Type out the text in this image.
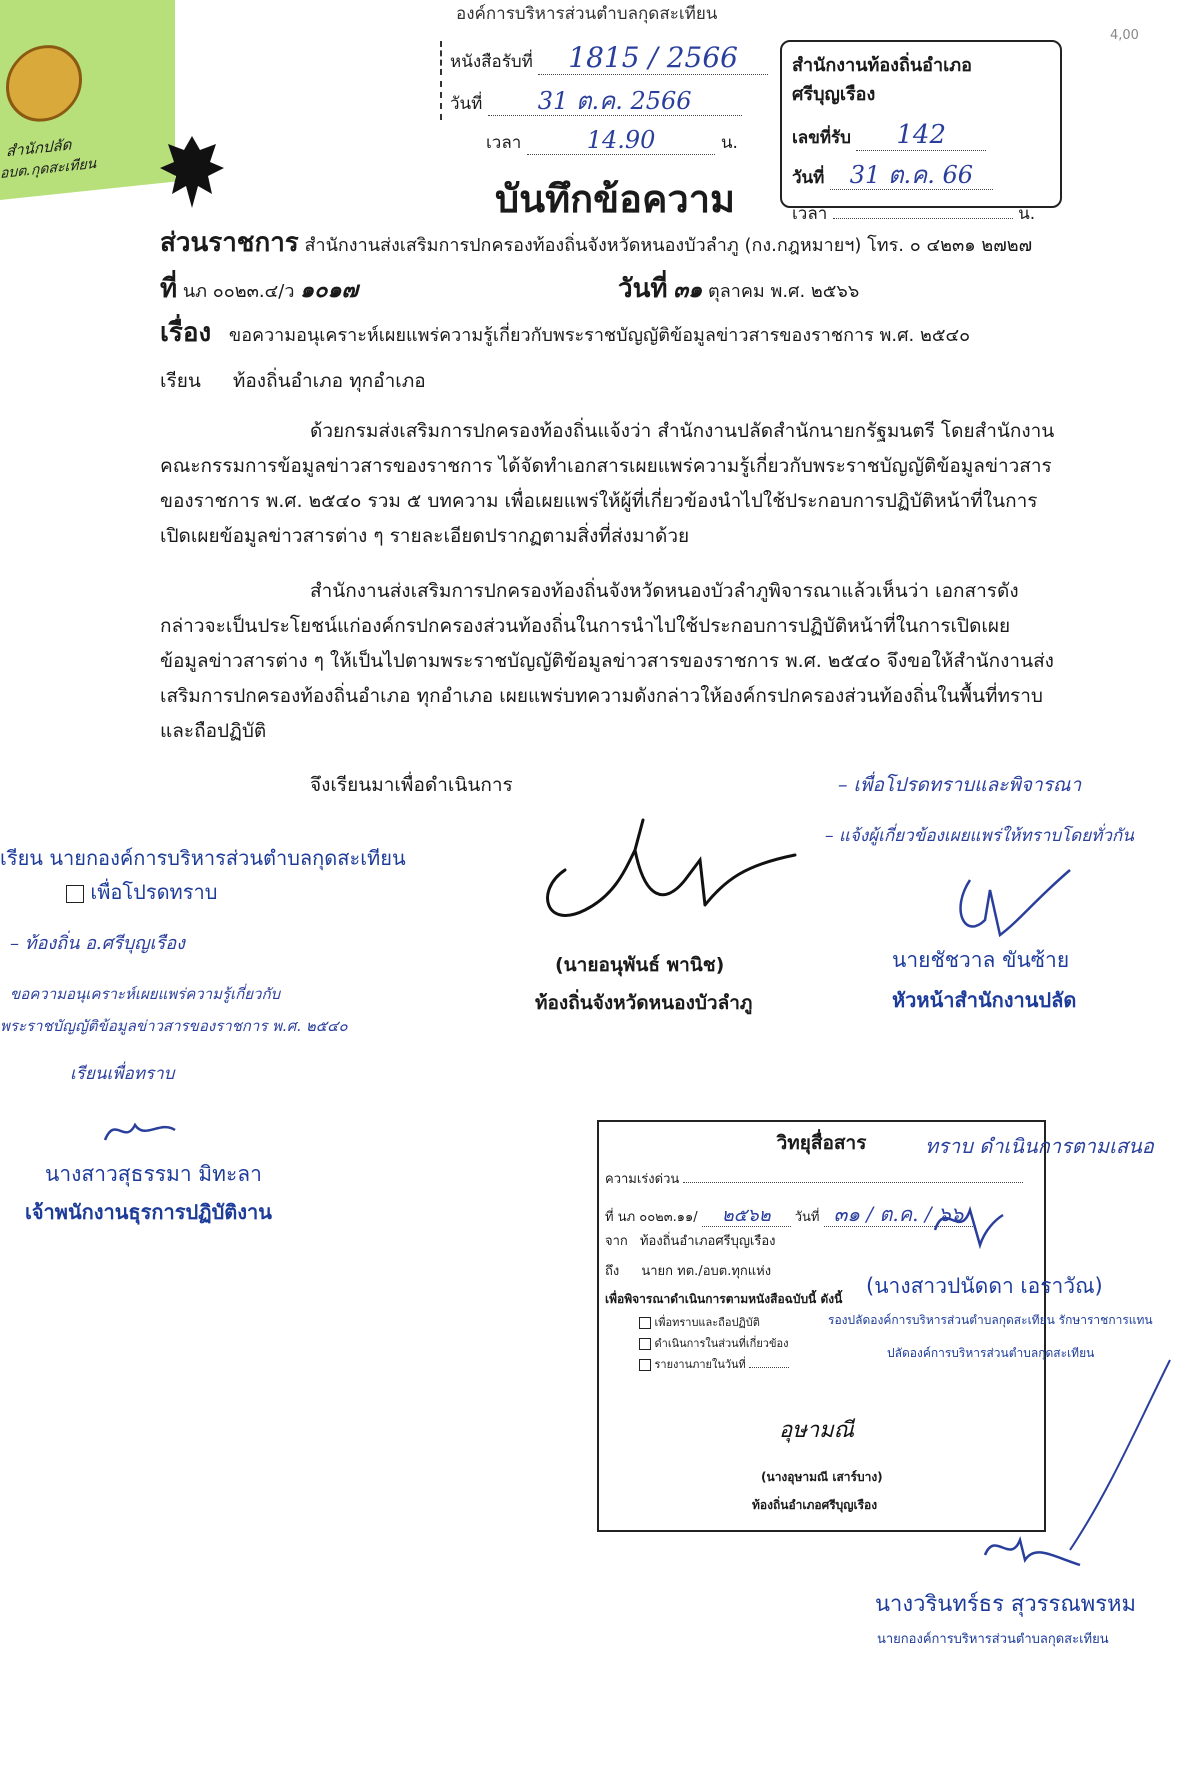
สำนักปลัด
อบต.กุดสะเทียน
องค์การบริหารส่วนตำบลกุดสะเทียน
หนังสือรับที่ 1815 / 2566
วันที่ 31 ต.ค. 2566
เวลา	14.90	น.
สำนักงานท้องถิ่นอำเภอศรีบุญเรือง
เลขที่รับ 142
วันที่ 31 ต.ค. 66
เวลา	น.
4,00
บันทึกข้อความ
ส่วนราชการ สำนักงานส่งเสริมการปกครองท้องถิ่นจังหวัดหนองบัวลำภู (กง.กฎหมายฯ) โทร. ๐ ๔๒๓๑ ๒๗๒๗
ที่ นภ ๐๐๒๓.๔/ว ๑๐๑๗	วันที่ ๓๑ ตุลาคม พ.ศ. ๒๕๖๖
เรื่อง ขอความอนุเคราะห์เผยแพร่ความรู้เกี่ยวกับพระราชบัญญัติข้อมูลข่าวสารของราชการ พ.ศ. ๒๕๔๐
เรียน ท้องถิ่นอำเภอ ทุกอำเภอ

ด้วยกรมส่งเสริมการปกครองท้องถิ่นแจ้งว่า สำนักงานปลัดสำนักนายกรัฐมนตรี โดยสำนักงานคณะกรรมการข้อมูลข่าวสารของราชการ ได้จัดทำเอกสารเผยแพร่ความรู้เกี่ยวกับพระราชบัญญัติข้อมูลข่าวสารของราชการ พ.ศ. ๒๕๔๐ รวม ๕ บทความ เพื่อเผยแพร่ให้ผู้ที่เกี่ยวข้องนำไปใช้ประกอบการปฏิบัติหน้าที่ในการเปิดเผยข้อมูลข่าวสารต่าง ๆ รายละเอียดปรากฏตามสิ่งที่ส่งมาด้วย

สำนักงานส่งเสริมการปกครองท้องถิ่นจังหวัดหนองบัวลำภูพิจารณาแล้วเห็นว่า เอกสารดังกล่าวจะเป็นประโยชน์แก่องค์กรปกครองส่วนท้องถิ่นในการนำไปใช้ประกอบการปฏิบัติหน้าที่ในการเปิดเผยข้อมูลข่าวสารต่าง ๆ ให้เป็นไปตามพระราชบัญญัติข้อมูลข่าวสารของราชการ พ.ศ. ๒๕๔๐ จึงขอให้สำนักงานส่งเสริมการปกครองท้องถิ่นอำเภอ ทุกอำเภอ เผยแพร่บทความดังกล่าวให้องค์กรปกครองส่วนท้องถิ่นในพื้นที่ทราบและถือปฏิบัติ

จึงเรียนมาเพื่อดำเนินการ
(นายอนุพันธ์ พานิช)
ท้องถิ่นจังหวัดหนองบัวลำภู
เรียน นายกองค์การบริหารส่วนตำบลกุดสะเทียน
เพื่อโปรดทราบ
– ท้องถิ่น อ.ศรีบุญเรือง
ขอความอนุเคราะห์เผยแพร่ความรู้เกี่ยวกับ
พระราชบัญญัติข้อมูลข่าวสารของราชการ พ.ศ. ๒๕๔๐
เรียนเพื่อทราบ
นางสาวสุธรรมา มิทะลา
เจ้าพนักงานธุรการปฏิบัติงาน
– เพื่อโปรดทราบและพิจารณา
– แจ้งผู้เกี่ยวข้องเผยแพร่ให้ทราบโดยทั่วกัน
นายชัชวาล ขันซ้าย
หัวหน้าสำนักงานปลัด
วิทยุสื่อสาร
ความเร่งด่วน
ที่ นภ ๐๐๒๓.๑๑/ ๒๕๖๒ วันที่ ๓๑ / ต.ค. / ๖๖
จาก ท้องถิ่นอำเภอศรีบุญเรือง
ถึง นายก ทต./อบต.ทุกแห่ง
เพื่อพิจารณาดำเนินการตามหนังสือฉบับนี้ ดังนี้
เพื่อทราบและถือปฏิบัติ
ดำเนินการในส่วนที่เกี่ยวข้อง
รายงานภายในวันที่
อุษามณี
(นางอุษามณี เสาร์บาง)
ท้องถิ่นอำเภอศรีบุญเรือง
ทราบ ดำเนินการตามเสนอ
(นางสาวปนัดดา เอราวัณ)
รองปลัดองค์การบริหารส่วนตำบลกุดสะเทียน รักษาราชการแทน
ปลัดองค์การบริหารส่วนตำบลกุดสะเทียน
นางวรินทร์ธร สุวรรณพรหม
นายกองค์การบริหารส่วนตำบลกุดสะเทียน
